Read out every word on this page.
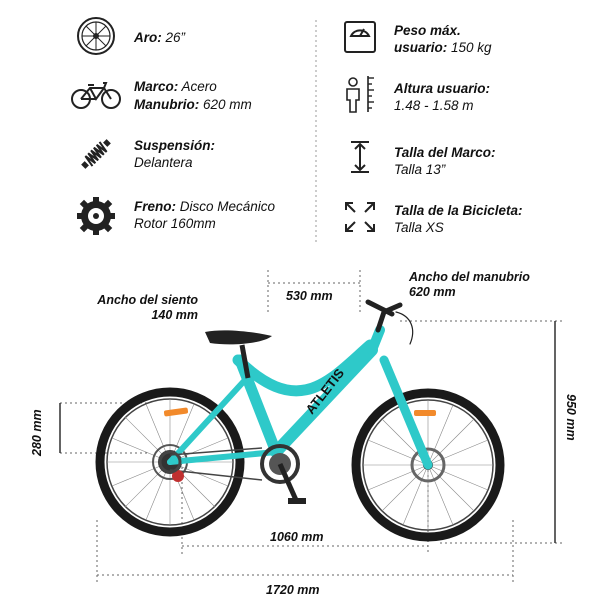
Aro: 26”
Marco: Acero
Manubrio: 620 mm
Suspensión:
Delantera
Freno: Disco Mecánico
Rotor 160mm
Peso máx.
usuario: 150 kg
Altura usuario:
1.48 - 1.58 m
Talla del Marco:
Talla 13”
Talla de la Bicicleta:
Talla XS
ATLETIS
Ancho del siento
140 mm
530 mm
Ancho del manubrio
620 mm
280 mm	950 mm
1060 mm
1720 mm
